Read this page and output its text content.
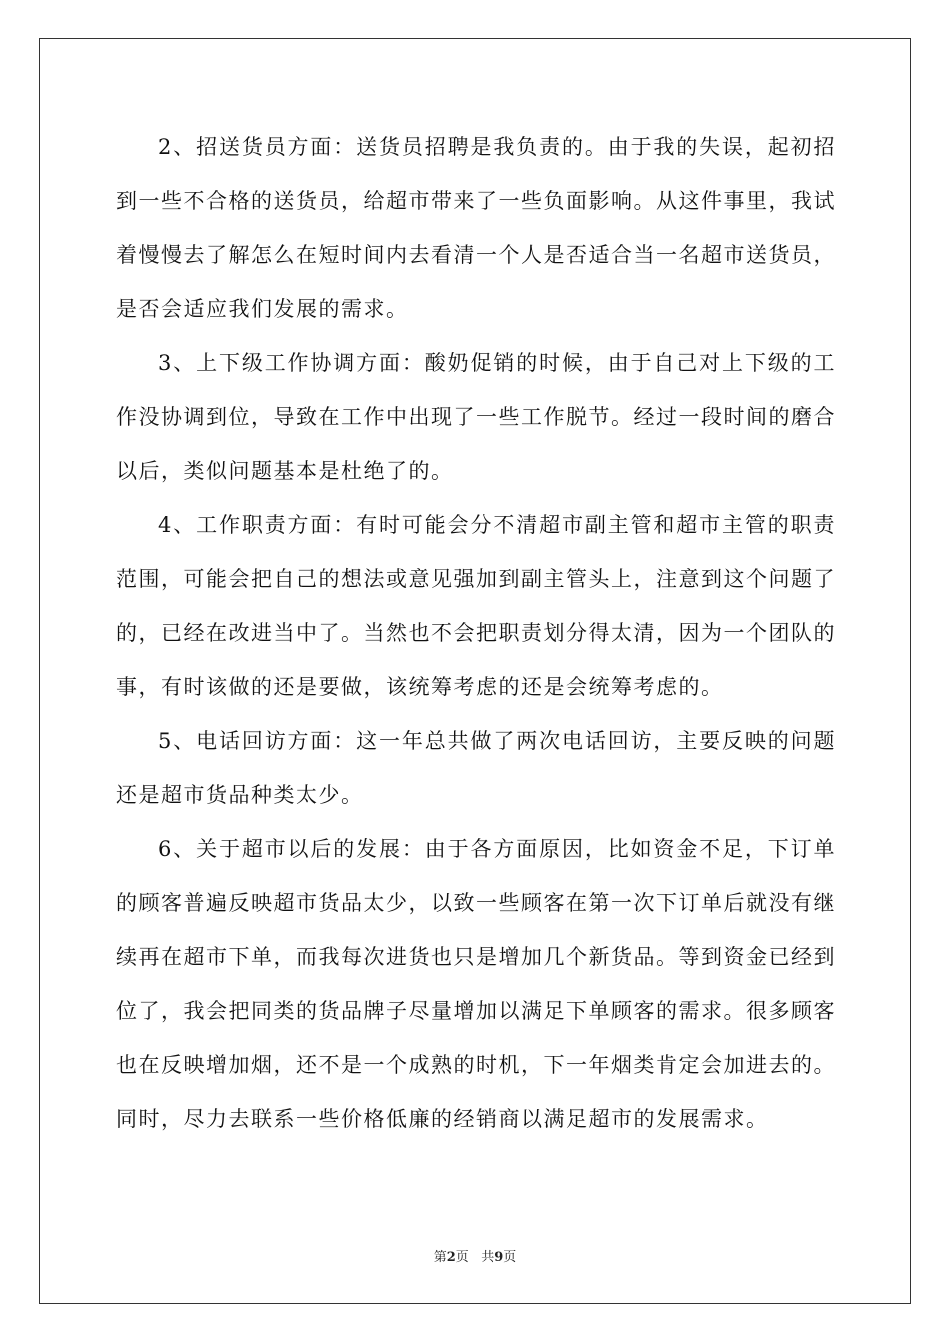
2、招送货员方面：送货员招聘是我负责的。由于我的失误，起初招到一些不合格的送货员，给超市带来了一些负面影响。从这件事里，我试着慢慢去了解怎么在短时间内去看清一个人是否适合当一名超市送货员，是否会适应我们发展的需求。

3、上下级工作协调方面：酸奶促销的时候，由于自己对上下级的工作没协调到位，导致在工作中出现了一些工作脱节。经过一段时间的磨合以后，类似问题基本是杜绝了的。

4、工作职责方面：有时可能会分不清超市副主管和超市主管的职责范围，可能会把自己的想法或意见强加到副主管头上，注意到这个问题了的，已经在改进当中了。当然也不会把职责划分得太清，因为一个团队的事，有时该做的还是要做，该统筹考虑的还是会统筹考虑的。

5、电话回访方面：这一年总共做了两次电话回访，主要反映的问题还是超市货品种类太少。

6、关于超市以后的发展：由于各方面原因，比如资金不足，下订单的顾客普遍反映超市货品太少，以致一些顾客在第一次下订单后就没有继续再在超市下单，而我每次进货也只是增加几个新货品。等到资金已经到位了，我会把同类的货品牌子尽量增加以满足下单顾客的需求。很多顾客也在反映增加烟，还不是一个成熟的时机，下一年烟类肯定会加进去的。同时，尽力去联系一些价格低廉的经销商以满足超市的发展需求。

第2页 共9页
